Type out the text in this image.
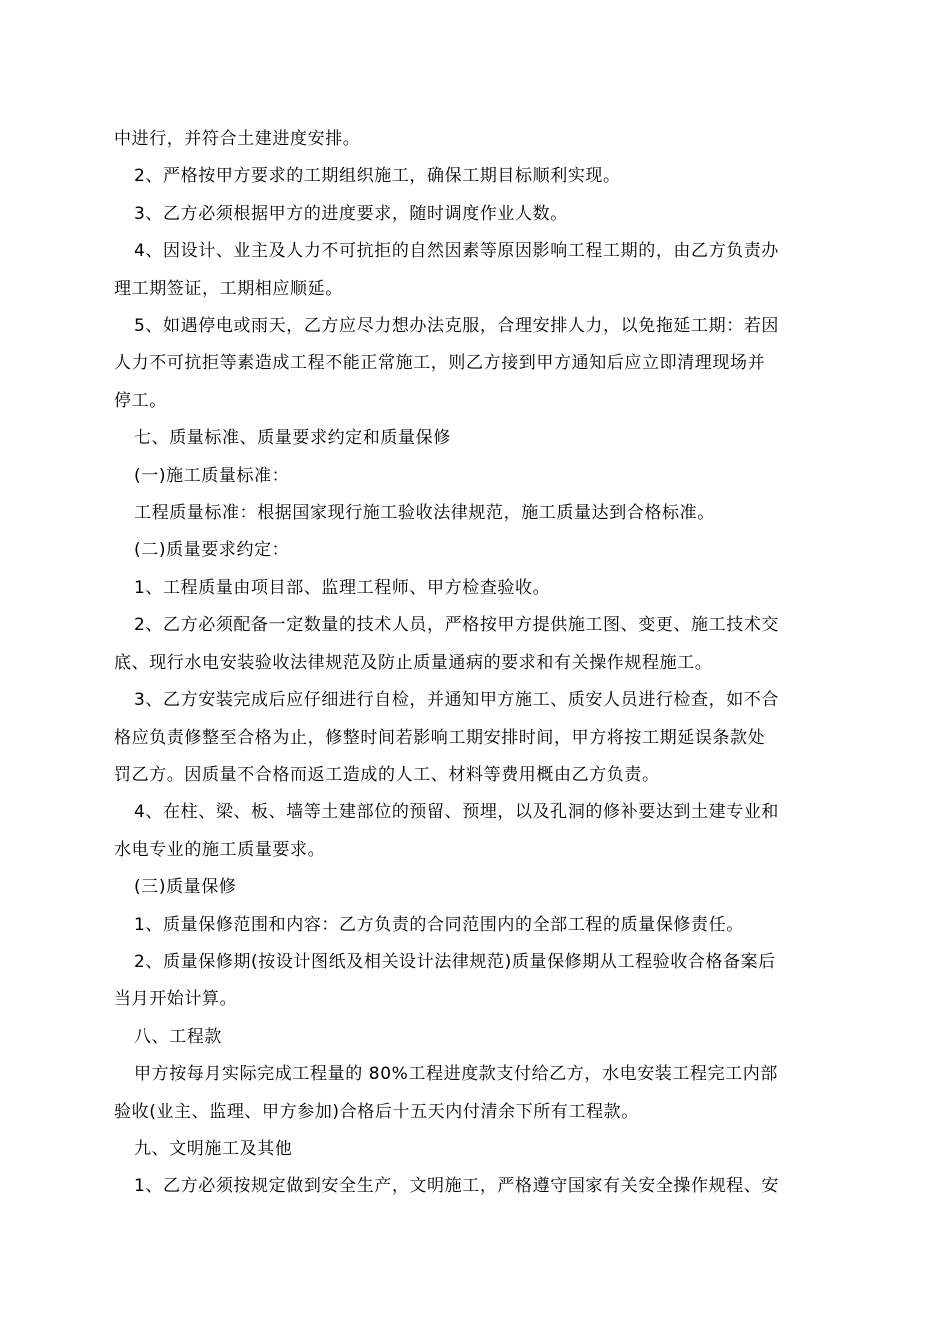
中进行，并符合土建进度安排。

2、严格按甲方要求的工期组织施工，确保工期目标顺利实现。

3、乙方必须根据甲方的进度要求，随时调度作业人数。

4、因设计、业主及人力不可抗拒的自然因素等原因影响工程工期的，由乙方负责办

理工期签证，工期相应顺延。

5、如遇停电或雨天，乙方应尽力想办法克服，合理安排人力，以免拖延工期：若因

人力不可抗拒等素造成工程不能正常施工，则乙方接到甲方通知后应立即清理现场并

停工。

七、质量标准、质量要求约定和质量保修

(一)施工质量标准：

工程质量标准：根据国家现行施工验收法律规范，施工质量达到合格标准。

(二)质量要求约定：

1、工程质量由项目部、监理工程师、甲方检查验收。

2、乙方必须配备一定数量的技术人员，严格按甲方提供施工图、变更、施工技术交

底、现行水电安装验收法律规范及防止质量通病的要求和有关操作规程施工。

3、乙方安装完成后应仔细进行自检，并通知甲方施工、质安人员进行检查，如不合

格应负责修整至合格为止，修整时间若影响工期安排时间，甲方将按工期延误条款处

罚乙方。因质量不合格而返工造成的人工、材料等费用概由乙方负责。

4、在柱、梁、板、墙等土建部位的预留、预埋，以及孔洞的修补要达到土建专业和

水电专业的施工质量要求。

(三)质量保修

1、质量保修范围和内容：乙方负责的合同范围内的全部工程的质量保修责任。

2、质量保修期(按设计图纸及相关设计法律规范)质量保修期从工程验收合格备案后

当月开始计算。

八、工程款

甲方按每月实际完成工程量的 80%工程进度款支付给乙方，水电安装工程完工内部

验收(业主、监理、甲方参加)合格后十五天内付清余下所有工程款。

九、文明施工及其他

1、乙方必须按规定做到安全生产，文明施工，严格遵守国家有关安全操作规程、安
